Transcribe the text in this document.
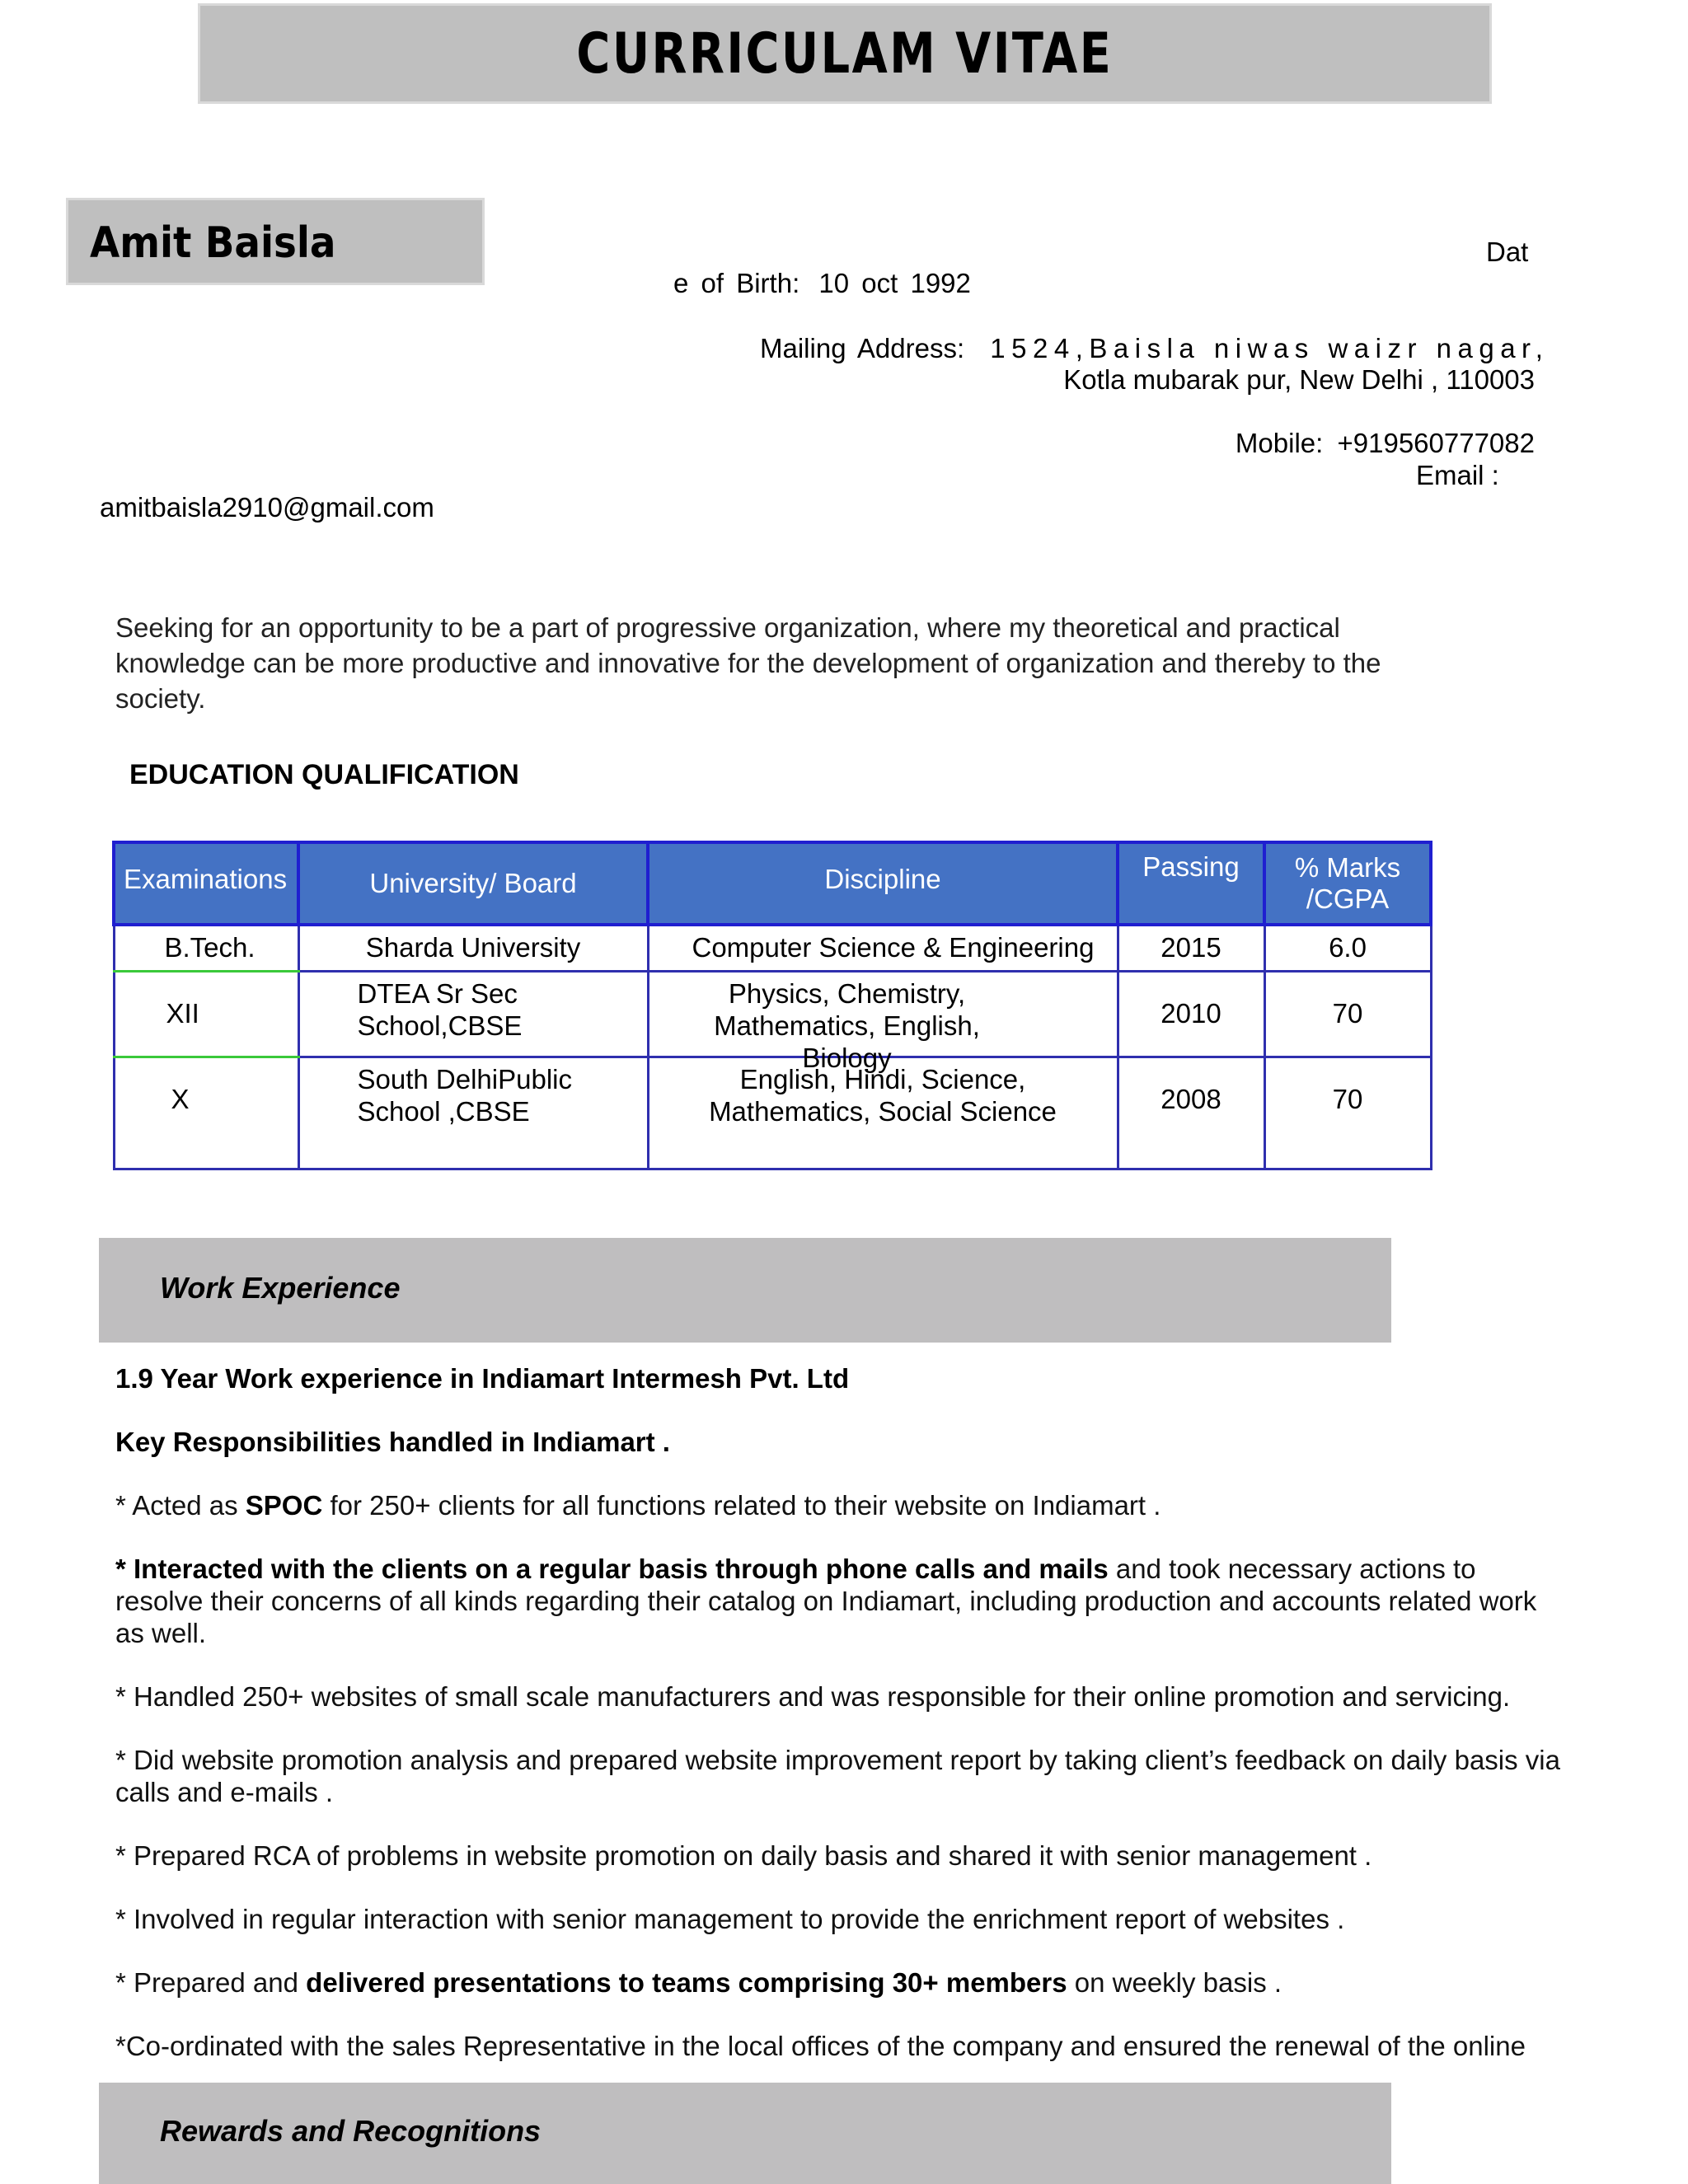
CURRICULAM VITAE
Amit Baisla	Dat
e of Birth: 10 oct 1992
Mailing Address: 1524,Baisla niwas waizr nagar,
Kotla mubarak pur, New Delhi , 110003
Mobile: +919560777082
Email :
amitbaisla2910@gmail.com
Seeking for an opportunity to be a part of progressive organization, where my theoretical and practical knowledge can be more productive and innovative for the development of organization and thereby to the society.
EDUCATION QUALIFICATION
Examinations	University/ Board	Discipline	Passing	% Marks /CGPA

B.Tech.	Sharda University	Computer Science & Engineering	2015	6.0
XII	DTEA Sr Sec School,CBSE	Physics, Chemistry, Mathematics, English, Biology	2010	70
X	South DelhiPublic School ,CBSE	English, Hindi, Science, Mathematics, Social Science	2008	70
Work Experience
1.9 Year Work experience in Indiamart Intermesh Pvt. Ltd
Key Responsibilities handled in Indiamart .
* Acted as SPOC for 250+ clients for all functions related to their website on Indiamart .
* Interacted with the clients on a regular basis through phone calls and mails and took necessary actions to resolve their concerns of all kinds regarding their catalog on Indiamart, including production and accounts related work as well.
* Handled 250+ websites of small scale manufacturers and was responsible for their online promotion and servicing.
* Did website promotion analysis and prepared website improvement report by taking client’s feedback on daily basis via calls and e-mails .
* Prepared RCA of problems in website promotion on daily basis and shared it with senior management .
* Involved in regular interaction with senior management to provide the enrichment report of websites .
* Prepared and delivered presentations to teams comprising 30+ members on weekly basis .
*Co-ordinated with the sales Representative in the local offices of the company and ensured the renewal of the online
Rewards and Recognitions
